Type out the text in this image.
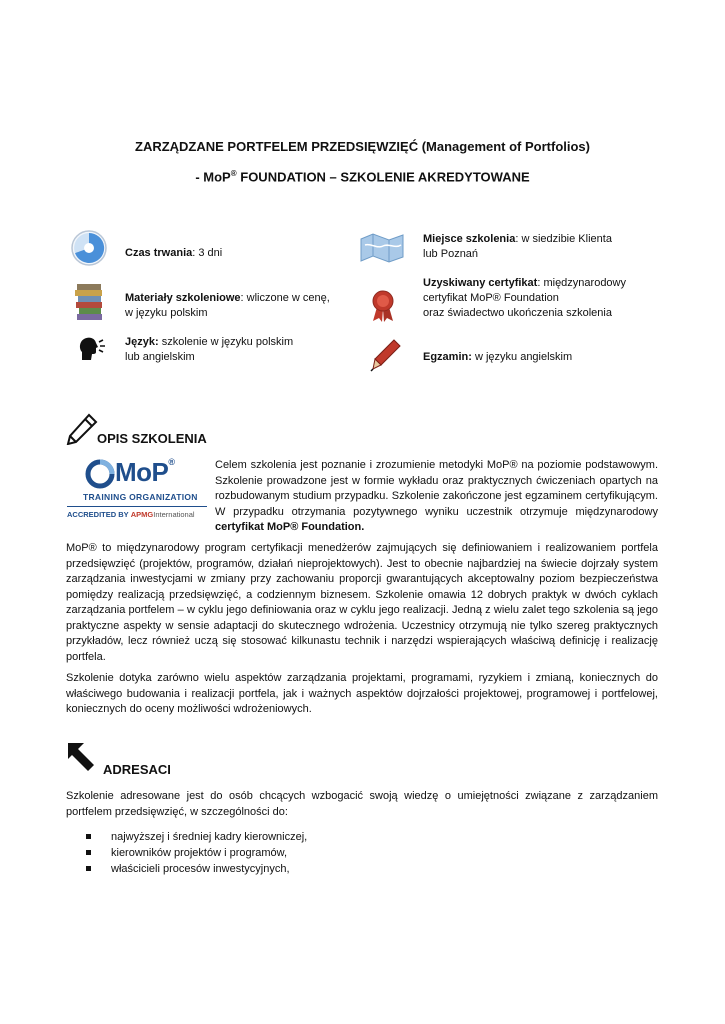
ZARZĄDZANE PORTFELEM PRZEDSIĘWZIĘĆ (Management of Portfolios)
- MoP® FOUNDATION – SZKOLENIE AKREDYTOWANE
Czas trwania: 3 dni
Materiały szkoleniowe: wliczone w cenę,
w języku polskim
Język: szkolenie w języku polskim
lub angielskim
Miejsce szkolenia: w siedzibie Klienta
lub Poznań
Uzyskiwany certyfikat: międzynarodowy
certyfikat MoP® Foundation
oraz świadectwo ukończenia szkolenia
Egzamin: w języku angielskim
OPIS SZKOLENIA
MoP®
TRAINING ORGANIZATION
ACCREDITED BY APMGInternational
Celem szkolenia jest poznanie i zrozumienie metodyki MoP® na poziomie podstawowym. Szkolenie prowadzone jest w formie wykładu oraz praktycznych ćwiczeniach opartych na rozbudowanym studium przypadku. Szkolenie zakończone jest egzaminem certyfikującym. W przypadku otrzymania pozytywnego wyniku uczestnik otrzymuje międzynarodowy certyfikat MoP® Foundation.
MoP® to międzynarodowy program certyfikacji menedżerów zajmujących się definiowaniem i realizowaniem portfela przedsięwzięć (projektów, programów, działań nieprojektowych). Jest to obecnie najbardziej na świecie dojrzały system zarządzania inwestycjami w zmiany przy zachowaniu proporcji gwarantujących akceptowalny poziom bezpieczeństwa pomiędzy realizacją przedsięwzięć, a codziennym biznesem. Szkolenie omawia 12 dobrych praktyk w dwóch cyklach zarządzania portfelem – w cyklu jego definiowania oraz w cyklu jego realizacji. Jedną z wielu zalet tego szkolenia są jego praktyczne aspekty w sensie adaptacji do skutecznego wdrożenia. Uczestnicy otrzymują nie tylko szereg praktycznych przykładów, lecz również uczą się stosować kilkunastu technik i narzędzi wspierających właściwą definicję i realizację portfela.
Szkolenie dotyka zarówno wielu aspektów zarządzania projektami, programami, ryzykiem i zmianą, koniecznych do właściwego budowania i realizacji portfela, jak i ważnych aspektów dojrzałości projektowej, programowej i portfelowej, koniecznych do oceny możliwości wdrożeniowych.
ADRESACI
Szkolenie adresowane jest do osób chcących wzbogacić swoją wiedzę o umiejętności związane z zarządzaniem portfelem przedsięwzięć, w szczególności do:
najwyższej i średniej kadry kierowniczej,
kierowników projektów i programów,
właścicieli procesów inwestycyjnych,
